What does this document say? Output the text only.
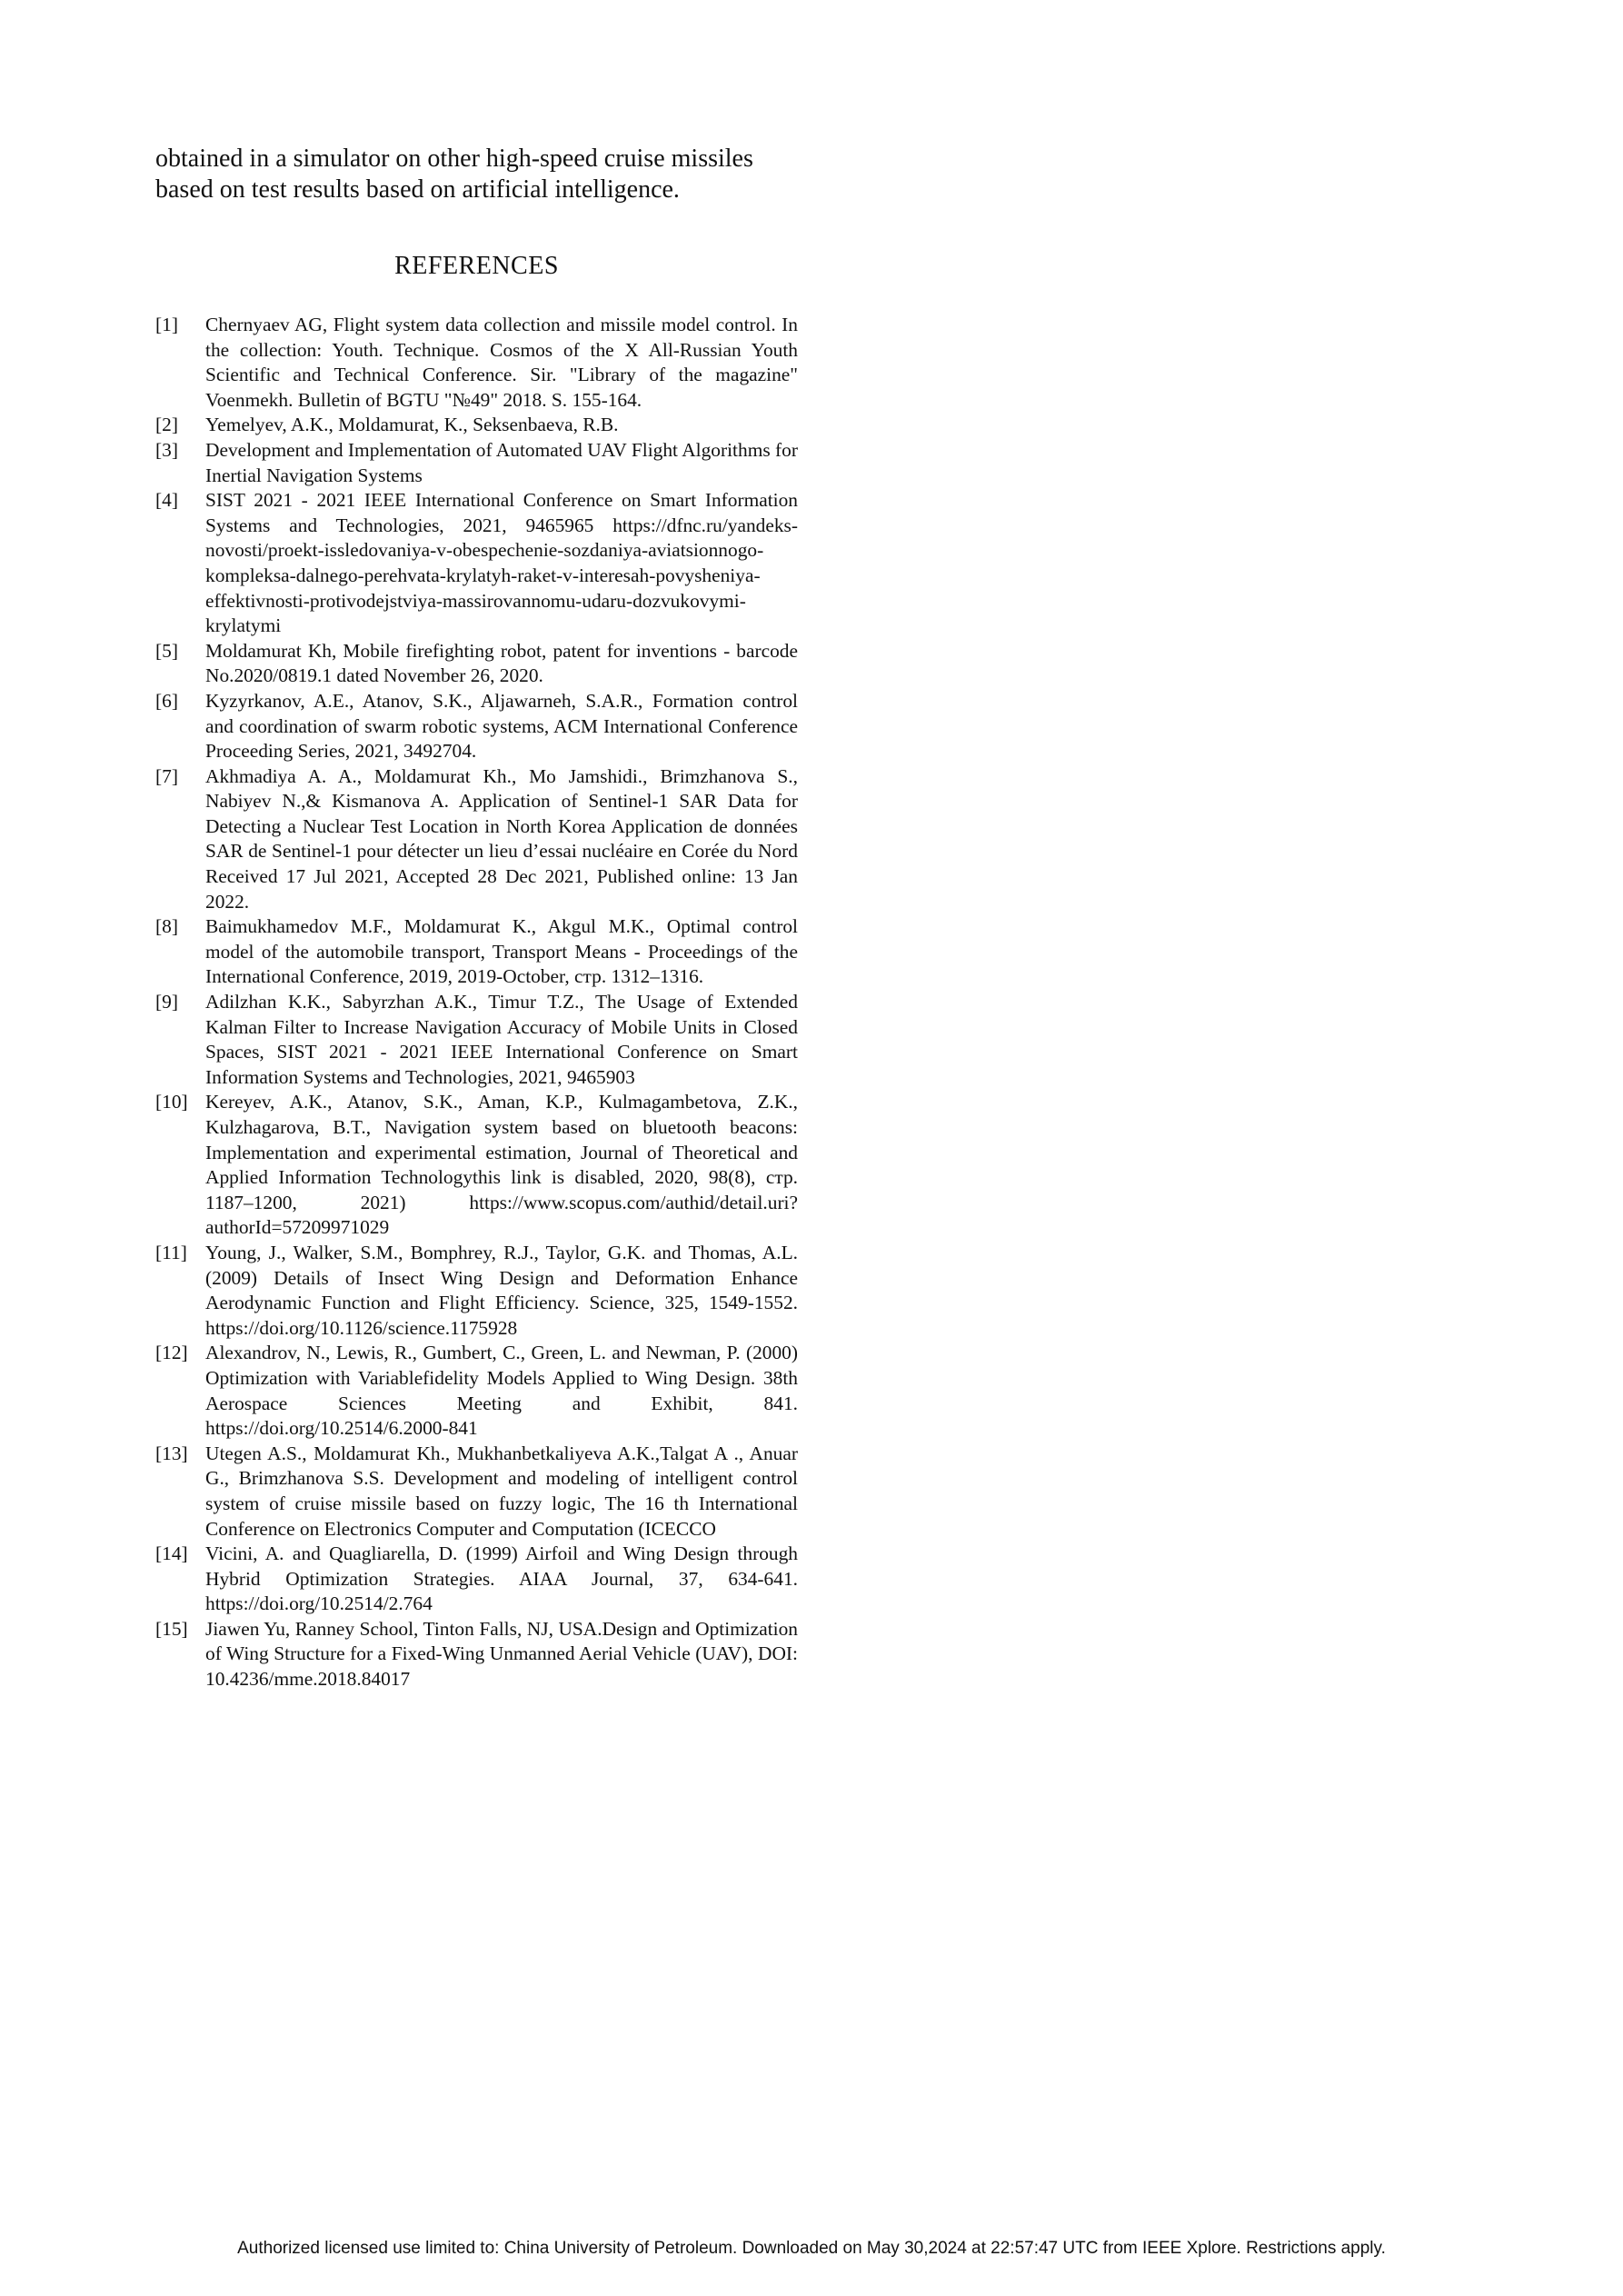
obtained in a simulator on other high-speed cruise missiles based on test results based on artificial intelligence.

REFERENCES
[1] Chernyaev AG, Flight system data collection and missile model control. In the collection: Youth. Technique. Cosmos of the X All-Russian Youth Scientific and Technical Conference. Sir. "Library of the magazine" Voenmekh. Bulletin of BGTU "№49" 2018. S. 155-164.
[2] Yemelyev, A.K., Moldamurat, K., Seksenbaeva, R.B.
[3] Development and Implementation of Automated UAV Flight Algorithms for Inertial Navigation Systems
[4] SIST 2021 - 2021 IEEE International Conference on Smart Information Systems and Technologies, 2021, 9465965 https://dfnc.ru/yandeks-novosti/proekt-issledovaniya-v-obespechenie-sozdaniya-aviatsionnogo-kompleksa-dalnego-perehvata-krylatyh-raket-v-interesah-povysheniya-effektivnosti-protivodejstviya-massirovannomu-udaru-dozvukovymi-krylatymi
[5] Moldamurat Kh, Mobile firefighting robot, patent for inventions - barcode No.2020/0819.1 dated November 26, 2020.
[6] Kyzyrkanov, A.E., Atanov, S.K., Aljawarneh, S.A.R., Formation control and coordination of swarm robotic systems, ACM International Conference Proceeding Series, 2021, 3492704.
[7] Akhmadiya A. A., Moldamurat Kh., Mo Jamshidi., Brimzhanova S., Nabiyev N.,& Kismanova A. Application of Sentinel-1 SAR Data for Detecting a Nuclear Test Location in North Korea Application de données SAR de Sentinel-1 pour détecter un lieu d’essai nucléaire en Corée du Nord Received 17 Jul 2021, Accepted 28 Dec 2021, Published online: 13 Jan 2022.
[8] Baimukhamedov M.F., Moldamurat K., Akgul M.K., Optimal control model of the automobile transport, Transport Means - Proceedings of the International Conference, 2019, 2019-October, стр. 1312–1316.
[9] Adilzhan K.K., Sabyrzhan A.K., Timur T.Z., The Usage of Extended Kalman Filter to Increase Navigation Accuracy of Mobile Units in Closed Spaces, SIST 2021 - 2021 IEEE International Conference on Smart Information Systems and Technologies, 2021, 9465903
[10] Kereyev, A.K., Atanov, S.K., Aman, K.P., Kulmagambetova, Z.K., Kulzhagarova, B.T., Navigation system based on bluetooth beacons: Implementation and experimental estimation, Journal of Theoretical and Applied Information Technologythis link is disabled, 2020, 98(8), стр. 1187–1200, 2021) https://www.scopus.com/authid/detail.uri?authorId=57209971029
[11] Young, J., Walker, S.M., Bomphrey, R.J., Taylor, G.K. and Thomas, A.L. (2009) Details of Insect Wing Design and Deformation Enhance Aerodynamic Function and Flight Efficiency. Science, 325, 1549-1552. https://doi.org/10.1126/science.1175928
[12] Alexandrov, N., Lewis, R., Gumbert, C., Green, L. and Newman, P. (2000) Optimization with Variablefidelity Models Applied to Wing Design. 38th Aerospace Sciences Meeting and Exhibit, 841. https://doi.org/10.2514/6.2000-841
[13] Utegen A.S., Moldamurat Kh., Mukhanbetkaliyeva A.K.,Talgat A ., Anuar G., Brimzhanova S.S. Development and modeling of intelligent control system of cruise missile based on fuzzy logic, The 16 th International Conference on Electronics Computer and Computation (ICECCO
[14] Vicini, A. and Quagliarella, D. (1999) Airfoil and Wing Design through Hybrid Optimization Strategies. AIAA Journal, 37, 634-641. https://doi.org/10.2514/2.764
[15] Jiawen Yu, Ranney School, Tinton Falls, NJ, USA.Design and Optimization of Wing Structure for a Fixed-Wing Unmanned Aerial Vehicle (UAV), DOI: 10.4236/mme.2018.84017
Authorized licensed use limited to: China University of Petroleum. Downloaded on May 30,2024 at 22:57:47 UTC from IEEE Xplore. Restrictions apply.
